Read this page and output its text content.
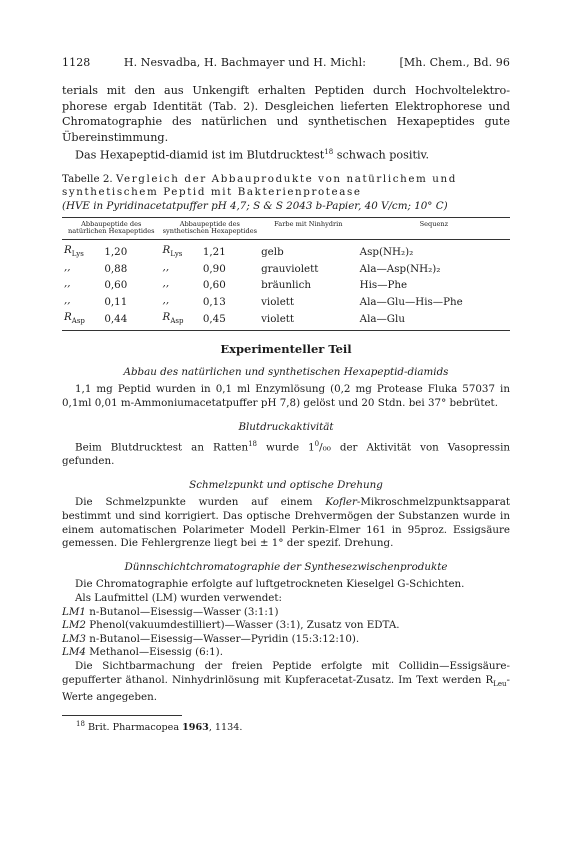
1128	H. Nesvadba, H. Bachmayer und H. Michl:	[Mh. Chem., Bd. 96

terials mit den aus Unkengift erhalten Peptiden durch Hochvoltelektro-phorese ergab Identität (Tab. 2). Desgleichen lieferten Elektrophorese und Chromatographie des natürlichen und synthetischen Hexapeptides gute Übereinstimmung.

Das Hexapeptid-diamid ist im Blutdrucktest$^{18}$ schwach positiv.

Tabelle 2. Vergleich der Abbauprodukte von natürlichem und synthetischem Peptid mit Bakterienprotease
(HVE in Pyridinacetatpuffer pH 4,7; S & S 2043 b-Papier, 40 V/cm; 10° C)
Abbaupeptide des natürlichen Hexapeptides	Abbaupeptide des synthetischen Hexapeptides	Farbe mit Ninhydrin	Sequenz
$R_{Lys}$	1,20	$R_{Lys}$	1,21	gelb	Asp(NH₂)₂
,,	0,88	,,	0,90	grauviolett	Ala—Asp(NH₂)₂
,,	0,60	,,	0,60	bräunlich	His—Phe
,,	0,11	,,	0,13	violett	Ala—Glu—His—Phe
$R_{Asp}$	0,44	$R_{Asp}$	0,45	violett	Ala—Glu
Experimenteller Teil
Abbau des natürlichen und synthetischen Hexapeptid-diamids

1,1 mg Peptid wurden in 0,1 ml Enzymlösung (0,2 mg Protease Fluka 57037 in 0,1ml 0,01 m-Ammoniumacetatpuffer pH 7,8) gelöst und 20 Stdn. bei 37° bebrütet.

Blutdruckaktivität

Beim Blutdrucktest an Ratten$^{18}$ wurde $1^0/_{00}$ der Aktivität von Vasopressin gefunden.

Schmelzpunkt und optische Drehung

Die Schmelzpunkte wurden auf einem Kofler-Mikroschmelzpunktsapparat bestimmt und sind korrigiert. Das optische Drehvermögen der Substanzen wurde in einem automatischen Polarimeter Modell Perkin-Elmer 161 in 95proz. Essigsäure gemessen. Die Fehlergrenze liegt bei ± 1° der spezif. Drehung.

Dünnschichtchromatographie der Synthesezwischenprodukte

Die Chromatographie erfolgte auf luftgetrockneten Kieselgel G-Schichten.

Als Laufmittel (LM) wurden verwendet:

LM1 n-Butanol—Eisessig—Wasser (3:1:1)
LM2 Phenol(vakuumdestilliert)—Wasser (3:1), Zusatz von EDTA.
LM3 n-Butanol—Eisessig—Wasser—Pyridin (15:3:12:10).
LM4 Methanol—Eisessig (6:1).

Die Sichtbarmachung der freien Peptide erfolgte mit Collidin—Essigsäure-gepufferter äthanol. Ninhydrinlösung mit Kupferacetat-Zusatz. Im Text werden $R_{Leu}$-Werte angegeben.

$^{18}$ Brit. Pharmacopea 1963, 1134.
